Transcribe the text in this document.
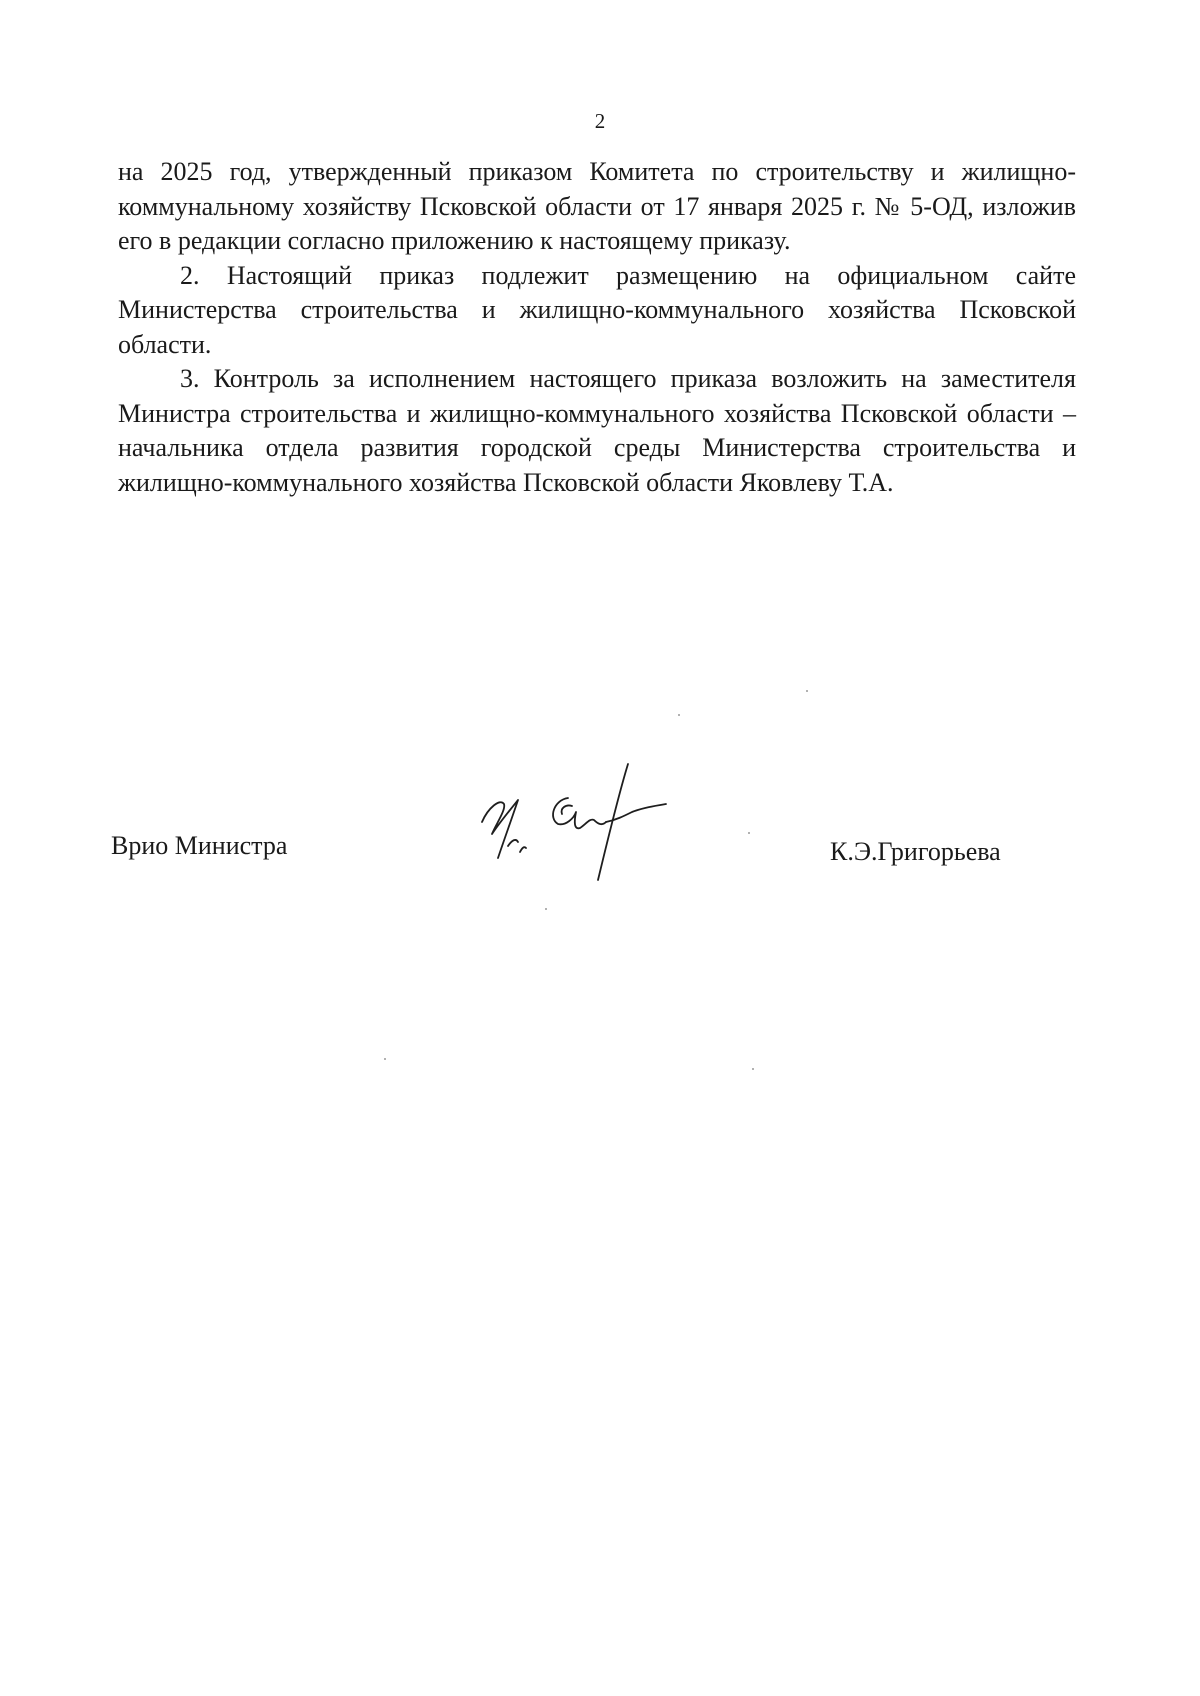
2

на 2025 год, утвержденный приказом Комитета по строительству и жилищно-коммунальному хозяйству Псковской области от 17 января 2025 г. № 5-ОД, изложив его в редакции согласно приложению к настоящему приказу.

2. Настоящий приказ подлежит размещению на официальном сайте Министерства строительства и жилищно-коммунального хозяйства Псковской области.

3. Контроль за исполнением настоящего приказа возложить на заместителя Министра строительства и жилищно-коммунального хозяйства Псковской области – начальника отдела развития городской среды Министерства строительства и жилищно-коммунального хозяйства Псковской области Яковлеву Т.А.

Врио Министра	К.Э.Григорьева
